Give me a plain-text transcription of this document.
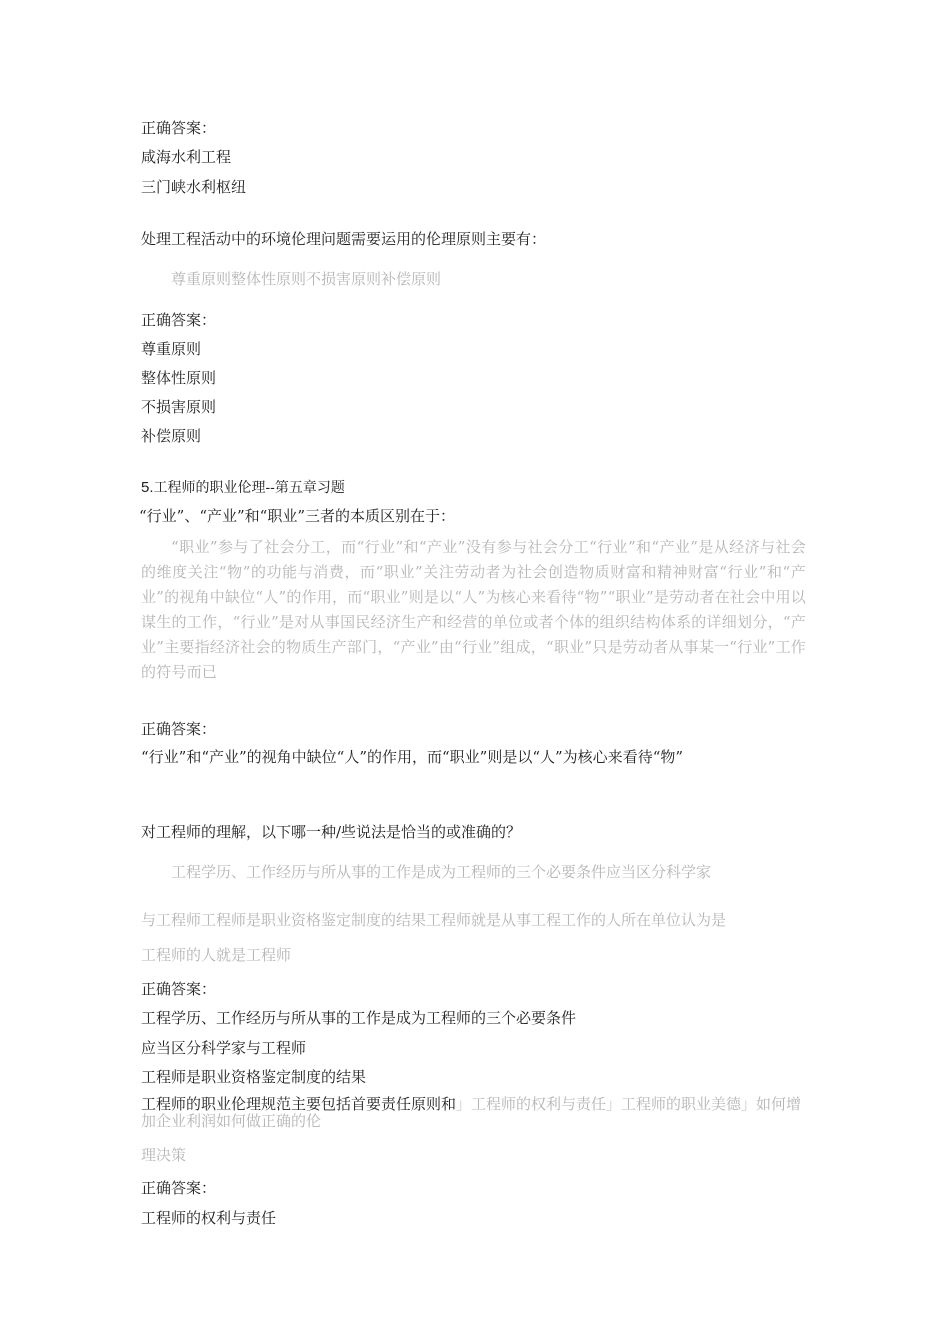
正确答案：
咸海水利工程
三门峡水利枢纽
处理工程活动中的环境伦理问题需要运用的伦理原则主要有：
尊重原则整体性原则不损害原则补偿原则
正确答案：
尊重原则
整体性原则
不损害原则
补偿原则
5.工程师的职业伦理--第五章习题
“行业”、“产业”和“职业”三者的本质区别在于：
“职业”参与了社会分工，而“行业”和“产业”没有参与社会分工“行业”和“产业”是从经济与社会的维度关注“物”的功能与消费，而“职业”关注劳动者为社会创造物质财富和精神财富“行业”和“产业”的视角中缺位“人”的作用，而“职业”则是以“人”为核心来看待“物”“职业”是劳动者在社会中用以谋生的工作，“行业”是对从事国民经济生产和经营的单位或者个体的组织结构体系的详细划分，“产业”主要指经济社会的物质生产部门，“产业”由“行业”组成，“职业”只是劳动者从事某一“行业”工作的符号而已
正确答案：
“行业”和“产业”的视角中缺位“人”的作用，而“职业”则是以“人”为核心来看待“物”
对工程师的理解，以下哪一种/些说法是恰当的或准确的？
工程学历、工作经历与所从事的工作是成为工程师的三个必要条件应当区分科学家
与工程师工程师是职业资格鉴定制度的结果工程师就是从事工程工作的人所在单位认为是
工程师的人就是工程师
正确答案：
工程学历、工作经历与所从事的工作是成为工程师的三个必要条件
应当区分科学家与工程师
工程师是职业资格鉴定制度的结果
工程师的职业伦理规范主要包括首要责任原则和」工程师的权利与责任」工程师的职业美德」如何增加企业利润如何做正确的伦
理决策
正确答案：
工程师的权利与责任
